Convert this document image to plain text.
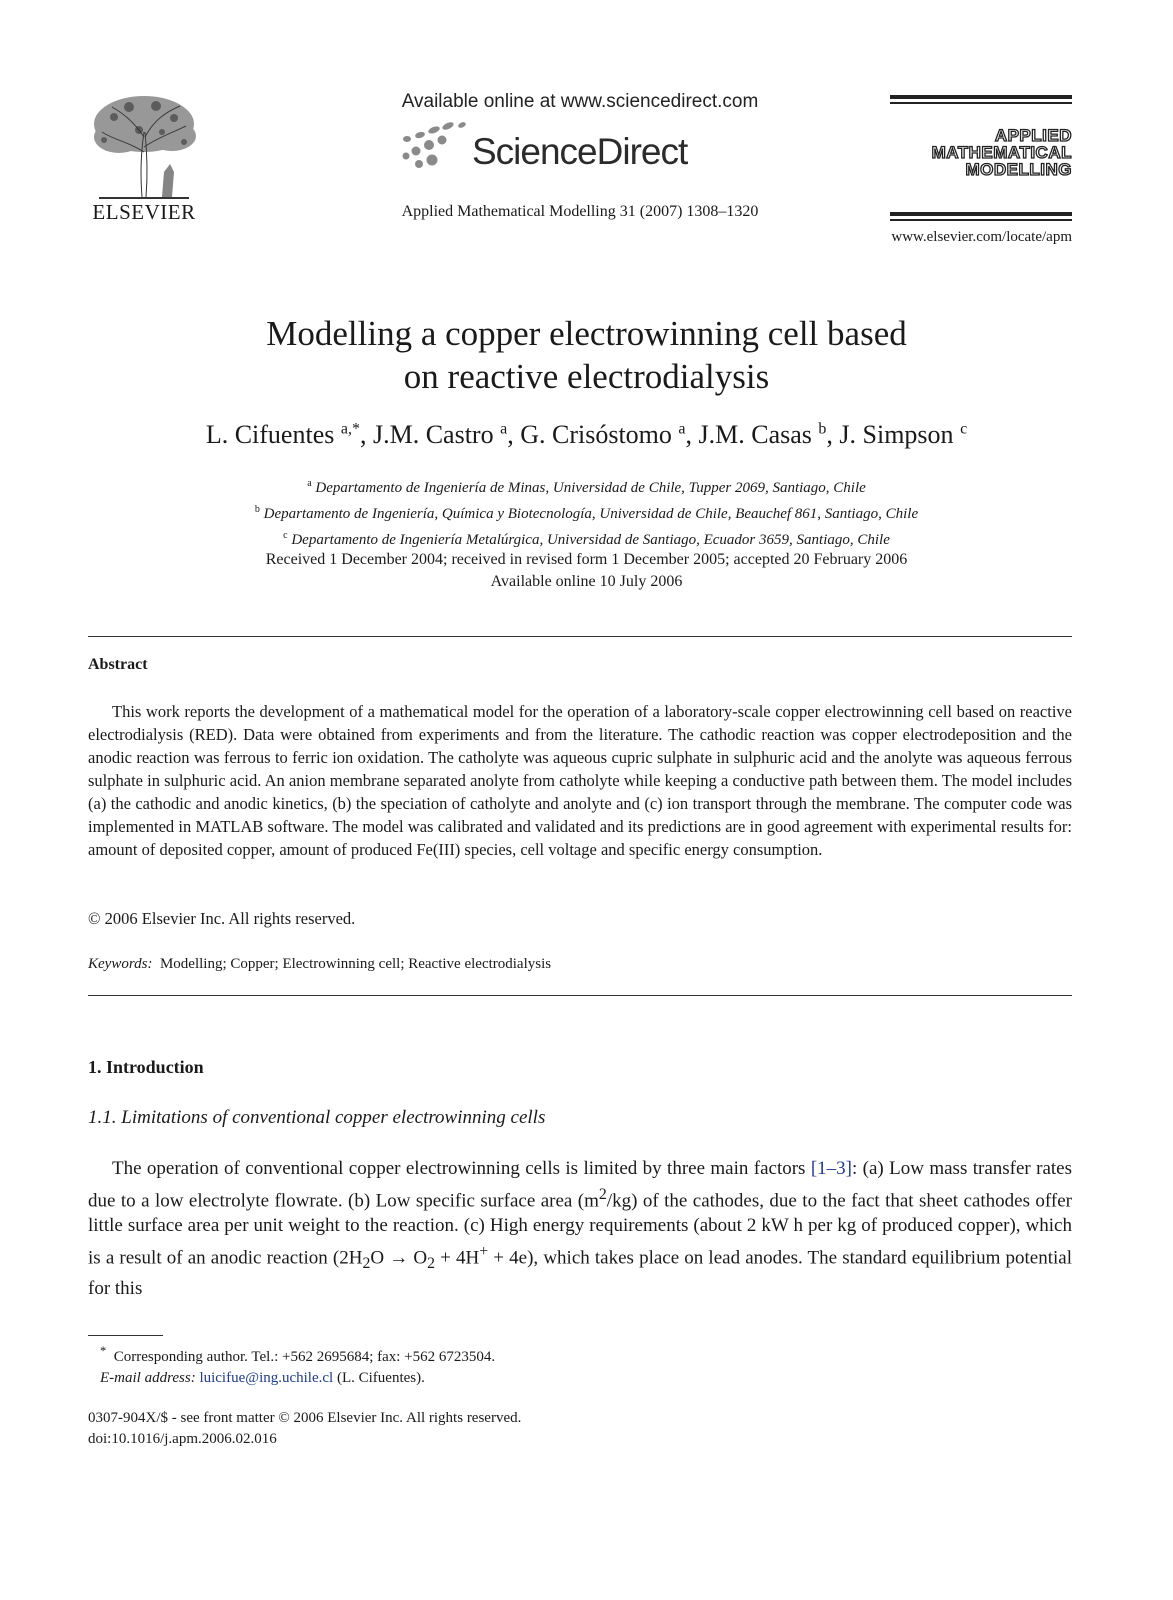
ELSEVIER
Available online at www.sciencedirect.com
ScienceDirect
Applied Mathematical Modelling 31 (2007) 1308–1320
APPLIED
MATHEMATICAL
MODELLING
www.elsevier.com/locate/apm
Modelling a copper electrowinning cell based
on reactive electrodialysis
L. Cifuentes $^{a,*}$, J.M. Castro $^a$, G. Crisóstomo $^a$, J.M. Casas $^b$, J. Simpson $^c$
$^a$ Departamento de Ingeniería de Minas, Universidad de Chile, Tupper 2069, Santiago, Chile
$^b$ Departamento de Ingeniería, Química y Biotecnología, Universidad de Chile, Beauchef 861, Santiago, Chile
$^c$ Departamento de Ingeniería Metalúrgica, Universidad de Santiago, Ecuador 3659, Santiago, Chile
Received 1 December 2004; received in revised form 1 December 2005; accepted 20 February 2006
Available online 10 July 2006
Abstract

This work reports the development of a mathematical model for the operation of a laboratory-scale copper electrowinning cell based on reactive electrodialysis (RED). Data were obtained from experiments and from the literature. The cathodic reaction was copper electrodeposition and the anodic reaction was ferrous to ferric ion oxidation. The catholyte was aqueous cupric sulphate in sulphuric acid and the anolyte was aqueous ferrous sulphate in sulphuric acid. An anion membrane separated anolyte from catholyte while keeping a conductive path between them. The model includes (a) the cathodic and anodic kinetics, (b) the speciation of catholyte and anolyte and (c) ion transport through the membrane. The computer code was implemented in MATLAB software. The model was calibrated and validated and its predictions are in good agreement with experimental results for: amount of deposited copper, amount of produced Fe(III) species, cell voltage and specific energy consumption.

© 2006 Elsevier Inc. All rights reserved.
Keywords: Modelling; Copper; Electrowinning cell; Reactive electrodialysis
1. Introduction
1.1. Limitations of conventional copper electrowinning cells

The operation of conventional copper electrowinning cells is limited by three main factors [1–3]: (a) Low mass transfer rates due to a low electrolyte flowrate. (b) Low specific surface area $(m^2/kg)$ of the cathodes, due to the fact that sheet cathodes offer little surface area per unit weight to the reaction. (c) High energy requirements (about 2 kW h per kg of produced copper), which is a result of an anodic reaction $(2H_2O \to O_2 + 4H^+ + 4e)$, which takes place on lead anodes. The standard equilibrium potential for this

* Corresponding author. Tel.: +562 2695684; fax: +562 6723504.
E-mail address: luicifue@ing.uchile.cl (L. Cifuentes).
0307-904X/$ - see front matter © 2006 Elsevier Inc. All rights reserved.
doi:10.1016/j.apm.2006.02.016
